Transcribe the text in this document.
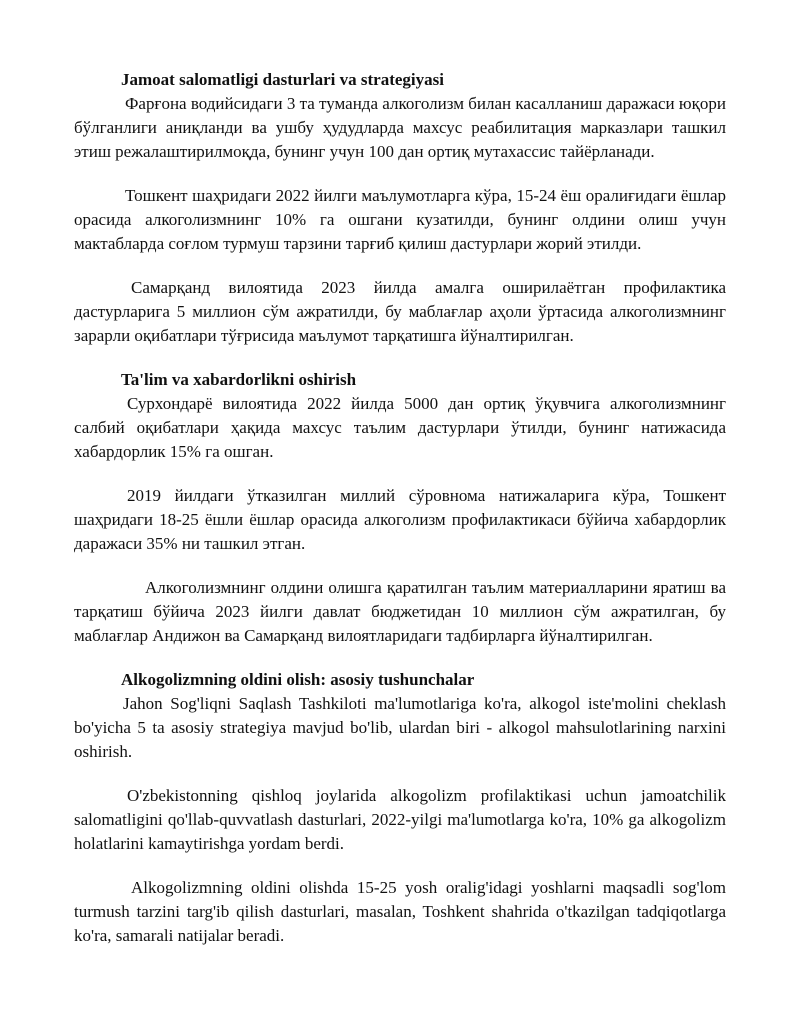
Jamoat salomatligi dasturlari va strategiyasi

Фарғона водийсидаги 3 та туманда алкоголизм билан касалланиш даражаси юқори бўлганлиги аниқланди ва ушбу ҳудудларда махсус реабилитация марказлари ташкил этиш режалаштирилмоқда, бунинг учун 100 дан ортиқ мутахассис тайёрланади.

Тошкент шаҳридаги 2022 йилги маълумотларга кўра, 15-24 ёш оралиғидаги ёшлар орасида алкоголизмнинг 10% га ошгани кузатилди, бунинг олдини олиш учун мактабларда соғлом турмуш тарзини тарғиб қилиш дастурлари жорий этилди.

Самарқанд вилоятида 2023 йилда амалга оширилаётган профилактика дастурларига 5 миллион сўм ажратилди, бу маблағлар аҳоли ўртасида алкоголизмнинг зарарли оқибатлари тўғрисида маълумот тарқатишга йўналтирилган.

Ta'lim va xabardorlikni oshirish

Сурхондарё вилоятида 2022 йилда 5000 дан ортиқ ўқувчига алкоголизмнинг салбий оқибатлари ҳақида махсус таълим дастурлари ўтилди, бунинг натижасида хабардорлик 15% га ошган.

2019 йилдаги ўтказилган миллий сўровнома натижаларига кўра, Тошкент шаҳридаги 18-25 ёшли ёшлар орасида алкоголизм профилактикаси бўйича хабардорлик даражаси 35% ни ташкил этган.

Алкоголизмнинг олдини олишга қаратилган таълим материалларини яратиш ва тарқатиш бўйича 2023 йилги давлат бюджетидан 10 миллион сўм ажратилган, бу маблағлар Андижон ва Самарқанд вилоятларидаги тадбирларга йўналтирилган.

Alkogolizmning oldini olish: asosiy tushunchalar

Jahon Sog'liqni Saqlash Tashkiloti ma'lumotlariga ko'ra, alkogol iste'molini cheklash bo'yicha 5 ta asosiy strategiya mavjud bo'lib, ulardan biri - alkogol mahsulotlarining narxini oshirish.

O'zbekistonning qishloq joylarida alkogolizm profilaktikasi uchun jamoatchilik salomatligini qo'llab-quvvatlash dasturlari, 2022-yilgi ma'lumotlarga ko'ra, 10% ga alkogolizm holatlarini kamaytirishga yordam berdi.

Alkogolizmning oldini olishda 15-25 yosh oralig'idagi yoshlarni maqsadli sog'lom turmush tarzini targ'ib qilish dasturlari, masalan, Toshkent shahrida o'tkazilgan tadqiqotlarga ko'ra, samarali natijalar beradi.
